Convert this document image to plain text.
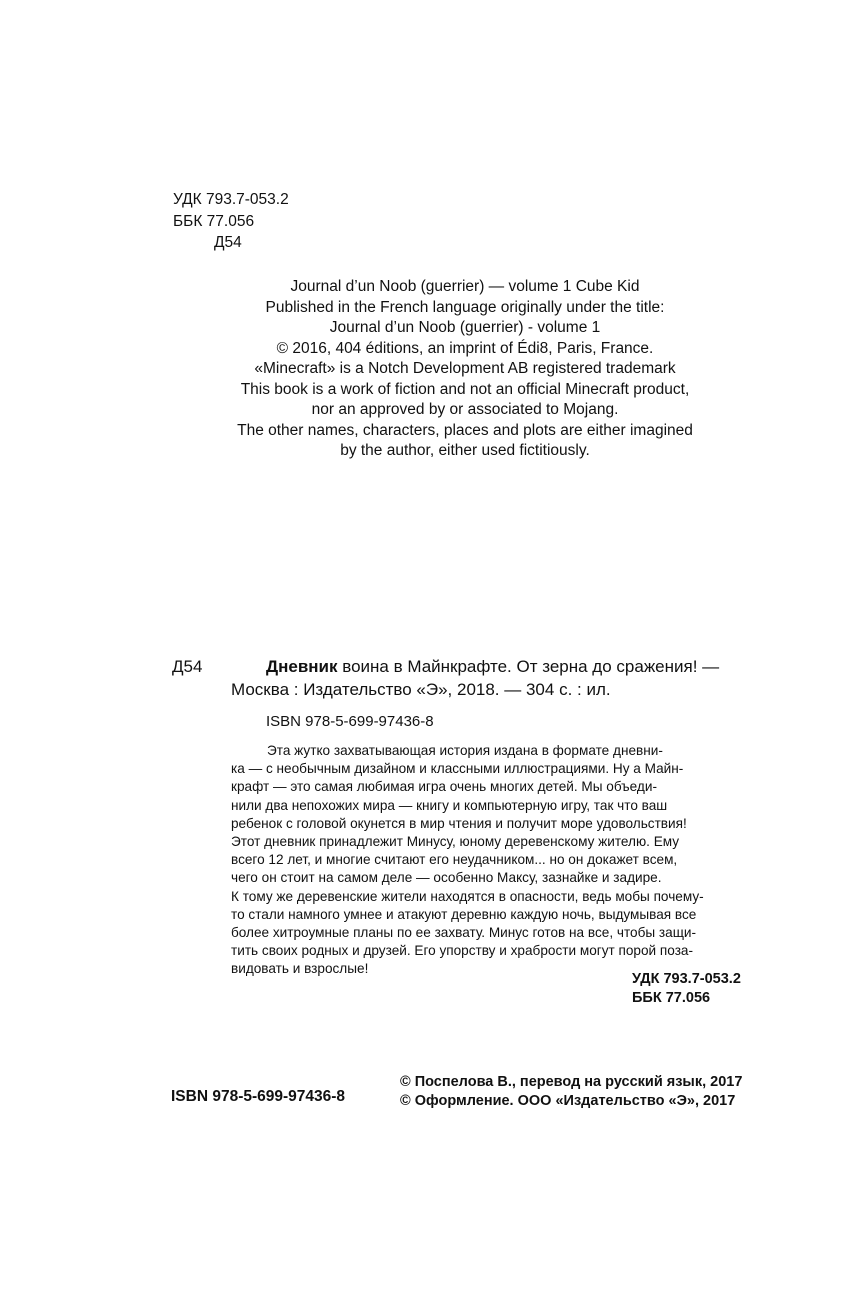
УДК 793.7-053.2
ББК 77.056
Д54
Journal d’un Noob (guerrier) — volume 1 Cube Kid
Published in the French language originally under the title:
Journal d’un Noob (guerrier) - volume 1
© 2016, 404 éditions, an imprint of Édi8, Paris, France.
«Minecraft» is a Notch Development AB registered trademark
This book is a work of fiction and not an official Minecraft product,
nor an approved by or associated to Mojang.
The other names, characters, places and plots are either imagined
by the author, either used fictitiously.
Д54	Дневник воина в Майнкрафте. От зерна до сражения! —
Москва : Издательство «Э», 2018. — 304 с. : ил.
ISBN 978-5-699-97436-8
Эта жутко захватывающая история издана в формате дневни-
ка — с необычным дизайном и классными иллюстрациями. Ну а Майн-
крафт — это самая любимая игра очень многих детей. Мы объеди-
нили два непохожих мира — книгу и компьютерную игру, так что ваш
ребенок с головой окунется в мир чтения и получит море удовольствия!
Этот дневник принадлежит Минусу, юному деревенскому жителю. Ему
всего 12 лет, и многие считают его неудачником... но он докажет всем,
чего он стоит на самом деле — особенно Максу, зазнайке и задире.
К тому же деревенские жители находятся в опасности, ведь мобы почему-
то стали намного умнее и атакуют деревню каждую ночь, выдумывая все
более хитроумные планы по ее захвату. Минус готов на все, чтобы защи-
тить своих родных и друзей. Его упорству и храбрости могут порой поза-
видовать и взрослые!
УДК 793.7-053.2
ББК 77.056
ISBN 978-5-699-97436-8
© Поспелова В., перевод на русский язык, 2017
© Оформление. ООО «Издательство «Э», 2017
